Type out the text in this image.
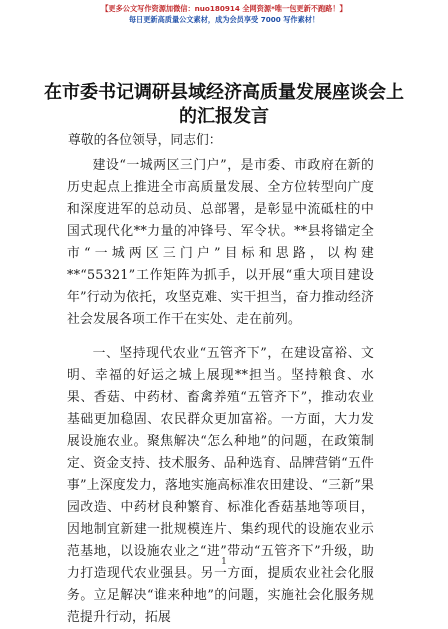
【更多公文写作资源加微信：nuo180914 全网资源*唯一包更新不跑路！】
每日更新高质量公文素材，成为会员享受 7000 写作素材！
在市委书记调研县域经济高质量发展座谈会上
的汇报发言
尊敬的各位领导，同志们：

建设“一城两区三门户”，是市委、市政府在新的历史起点上推进全市高质量发展、全方位转型向广度和深度进军的总动员、总部署，是彰显中流砥柱的中国式现代化**力量的冲锋号、军令状。**县将锚定全市“一城两区三门户”目标和思路，以构建**“55321”工作矩阵为抓手，以开展“重大项目建设年”行动为依托，攻坚克难、实干担当，奋力推动经济社会发展各项工作干在实处、走在前列。

一、坚持现代农业“五管齐下”，在建设富裕、文明、幸福的好运之城上展现**担当。坚持粮食、水果、香菇、中药材、畜禽养殖“五管齐下”，推动农业基础更加稳固、农民群众更加富裕。一方面，大力发展设施农业。聚焦解决“怎么种地”的问题，在政策制定、资金支持、技术服务、品种选育、品牌营销“五件事”上深度发力，落地实施高标准农田建设、“三新”果园改造、中药材良种繁育、标准化香菇基地等项目，因地制宜新建一批规模连片、集约现代的设施农业示范基地，以设施农业之“进”带动“五管齐下”升级，助力打造现代农业强县。另一方面，提质农业社会化服务。立足解决“谁来种地”的问题，实施社会化服务规范提升行动，拓展

1
